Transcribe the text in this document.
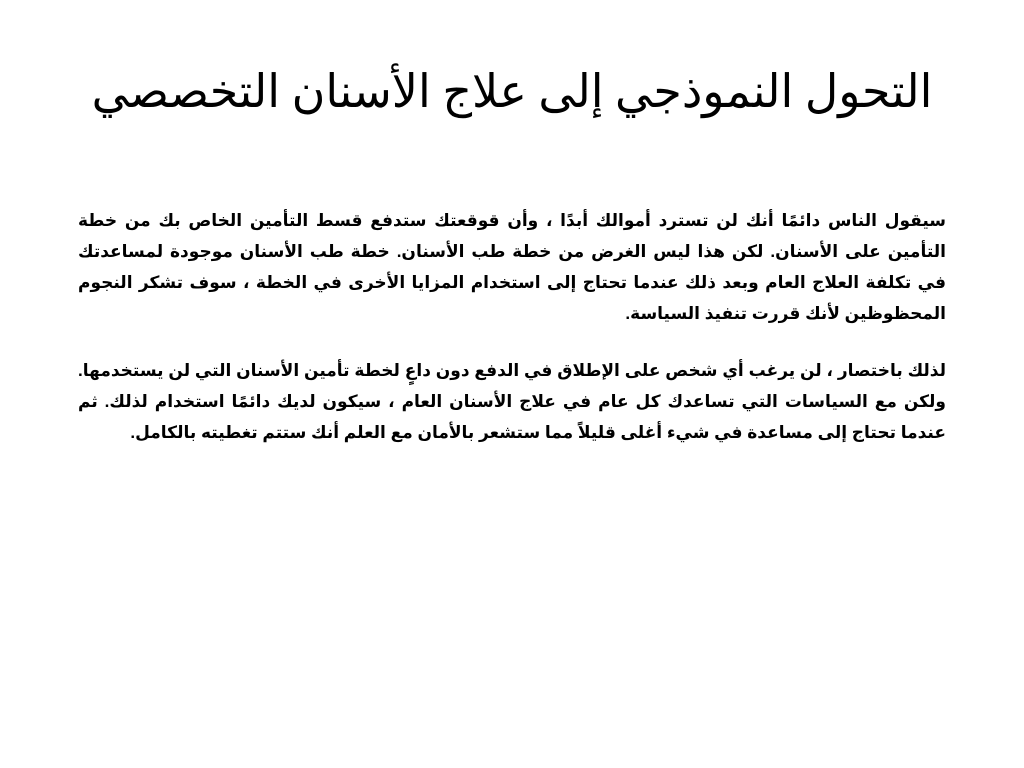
التحول النموذجي إلى علاج الأسنان التخصصي

سيقول الناس دائمًا أنك لن تسترد أموالك أبدًا ، وأن قوقعتك ستدفع قسط التأمين الخاص بك من خطة التأمين على الأسنان. لكن هذا ليس الغرض من خطة طب الأسنان. خطة طب الأسنان موجودة لمساعدتك في تكلفة العلاج العام وبعد ذلك عندما تحتاج إلى استخدام المزايا الأخرى في الخطة ، سوف تشكر النجوم المحظوظين لأنك قررت تنفيذ السياسة.

لذلك باختصار ، لن يرغب أي شخص على الإطلاق في الدفع دون داعٍ لخطة تأمين الأسنان التي لن يستخدمها. ولكن مع السياسات التي تساعدك كل عام في علاج الأسنان العام ، سيكون لديك دائمًا استخدام لذلك. ثم عندما تحتاج إلى مساعدة في شيء أغلى قليلاً مما ستشعر بالأمان مع العلم أنك ستتم تغطيته بالكامل.
